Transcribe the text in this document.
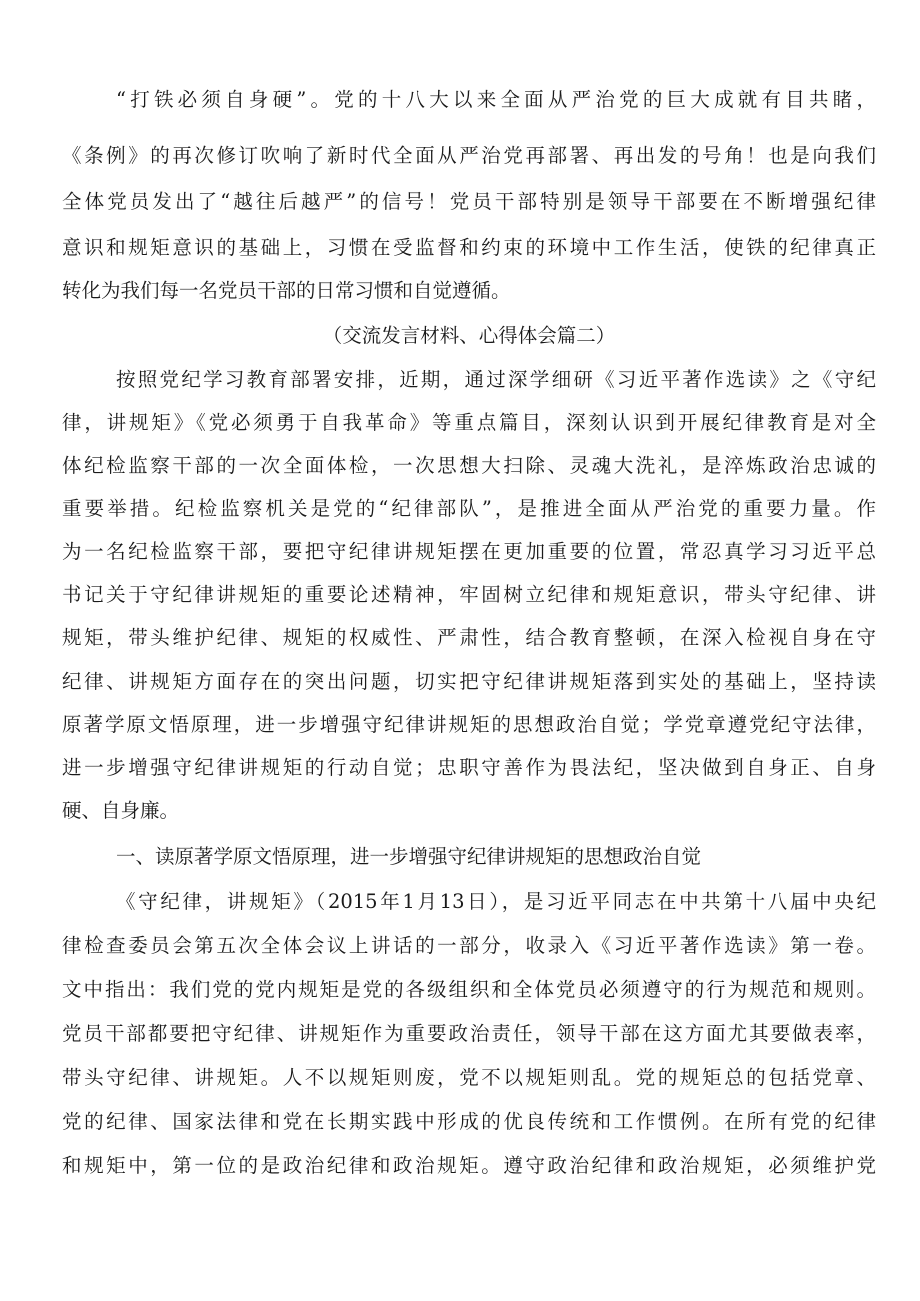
“打铁必须自身硬”。党的十八大以来全面从严治党的巨大成就有目共睹，
《条例》的再次修订吹响了新时代全面从严治党再部署、再出发的号角！也是向我们
全体党员发出了“越往后越严”的信号！党员干部特别是领导干部要在不断增强纪律
意识和规矩意识的基础上，习惯在受监督和约束的环境中工作生活，使铁的纪律真正
转化为我们每一名党员干部的日常习惯和自觉遵循。
（交流发言材料、心得体会篇二）
按照党纪学习教育部署安排，近期，通过深学细研《习近平著作选读》之《守纪
律，讲规矩》《党必须勇于自我革命》等重点篇目，深刻认识到开展纪律教育是对全
体纪检监察干部的一次全面体检，一次思想大扫除、灵魂大洗礼，是淬炼政治忠诚的
重要举措。纪检监察机关是党的“纪律部队”，是推进全面从严治党的重要力量。作
为一名纪检监察干部，要把守纪律讲规矩摆在更加重要的位置，常忍真学习习近平总
书记关于守纪律讲规矩的重要论述精神，牢固树立纪律和规矩意识，带头守纪律、讲
规矩，带头维护纪律、规矩的权威性、严肃性，结合教育整顿，在深入检视自身在守
纪律、讲规矩方面存在的突出问题，切实把守纪律讲规矩落到实处的基础上，坚持读
原著学原文悟原理，进一步增强守纪律讲规矩的思想政治自觉；学党章遵党纪守法律，
进一步增强守纪律讲规矩的行动自觉；忠职守善作为畏法纪，坚决做到自身正、自身
硬、自身廉。
一、读原著学原文悟原理，进一步增强守纪律讲规矩的思想政治自觉
《守纪律，讲规矩》（2015年1月13日），是习近平同志在中共第十八届中央纪
律检查委员会第五次全体会议上讲话的一部分，收录入《习近平著作选读》第一卷。
文中指出：我们党的党内规矩是党的各级组织和全体党员必须遵守的行为规范和规则。
党员干部都要把守纪律、讲规矩作为重要政治责任，领导干部在这方面尤其要做表率，
带头守纪律、讲规矩。人不以规矩则废，党不以规矩则乱。党的规矩总的包括党章、
党的纪律、国家法律和党在长期实践中形成的优良传统和工作惯例。在所有党的纪律
和规矩中，第一位的是政治纪律和政治规矩。遵守政治纪律和政治规矩，必须维护党
